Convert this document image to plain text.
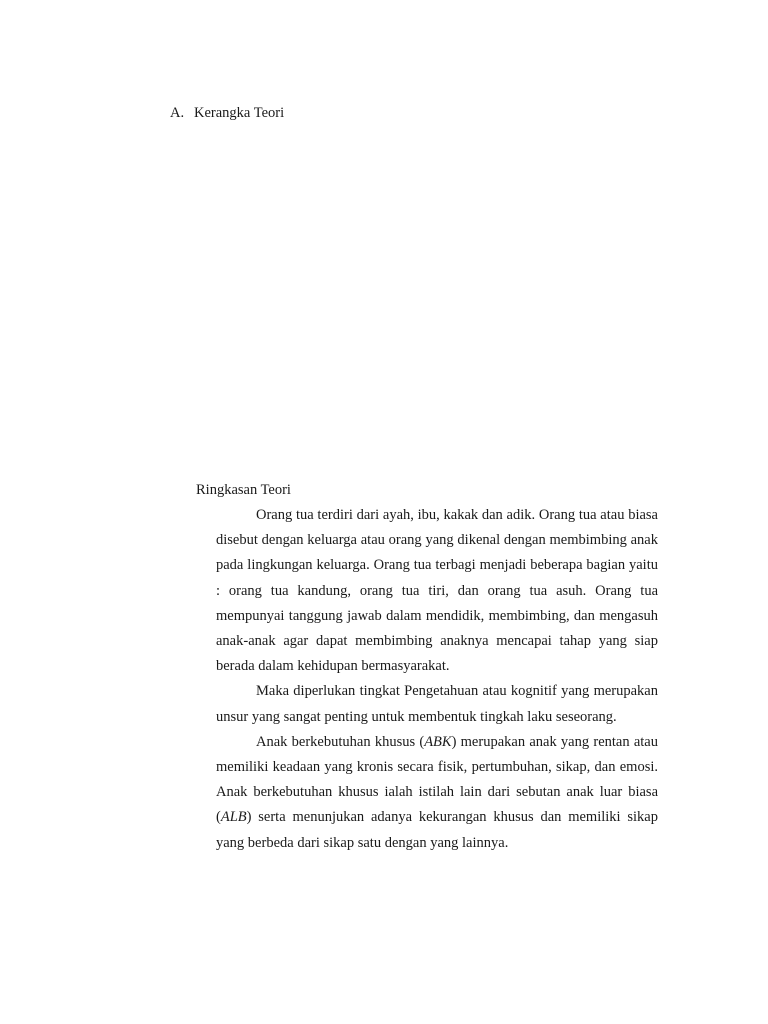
A. Kerangka Teori
Ringkasan Teori

Orang tua terdiri dari ayah, ibu, kakak dan adik. Orang tua atau biasa disebut dengan keluarga atau orang yang dikenal dengan membimbing anak pada lingkungan keluarga. Orang tua terbagi menjadi beberapa bagian yaitu : orang tua kandung, orang tua tiri, dan orang tua asuh. Orang tua mempunyai tanggung jawab dalam mendidik, membimbing, dan mengasuh anak-anak agar dapat membimbing anaknya mencapai tahap yang siap berada dalam kehidupan bermasyarakat.

Maka diperlukan tingkat Pengetahuan atau kognitif yang merupakan unsur yang sangat penting untuk membentuk tingkah laku seseorang.

Anak berkebutuhan khusus (ABK) merupakan anak yang rentan atau memiliki keadaan yang kronis secara fisik, pertumbuhan, sikap, dan emosi. Anak berkebutuhan khusus ialah istilah lain dari sebutan anak luar biasa (ALB) serta menunjukan adanya kekurangan khusus dan memiliki sikap yang berbeda dari sikap satu dengan yang lainnya.
